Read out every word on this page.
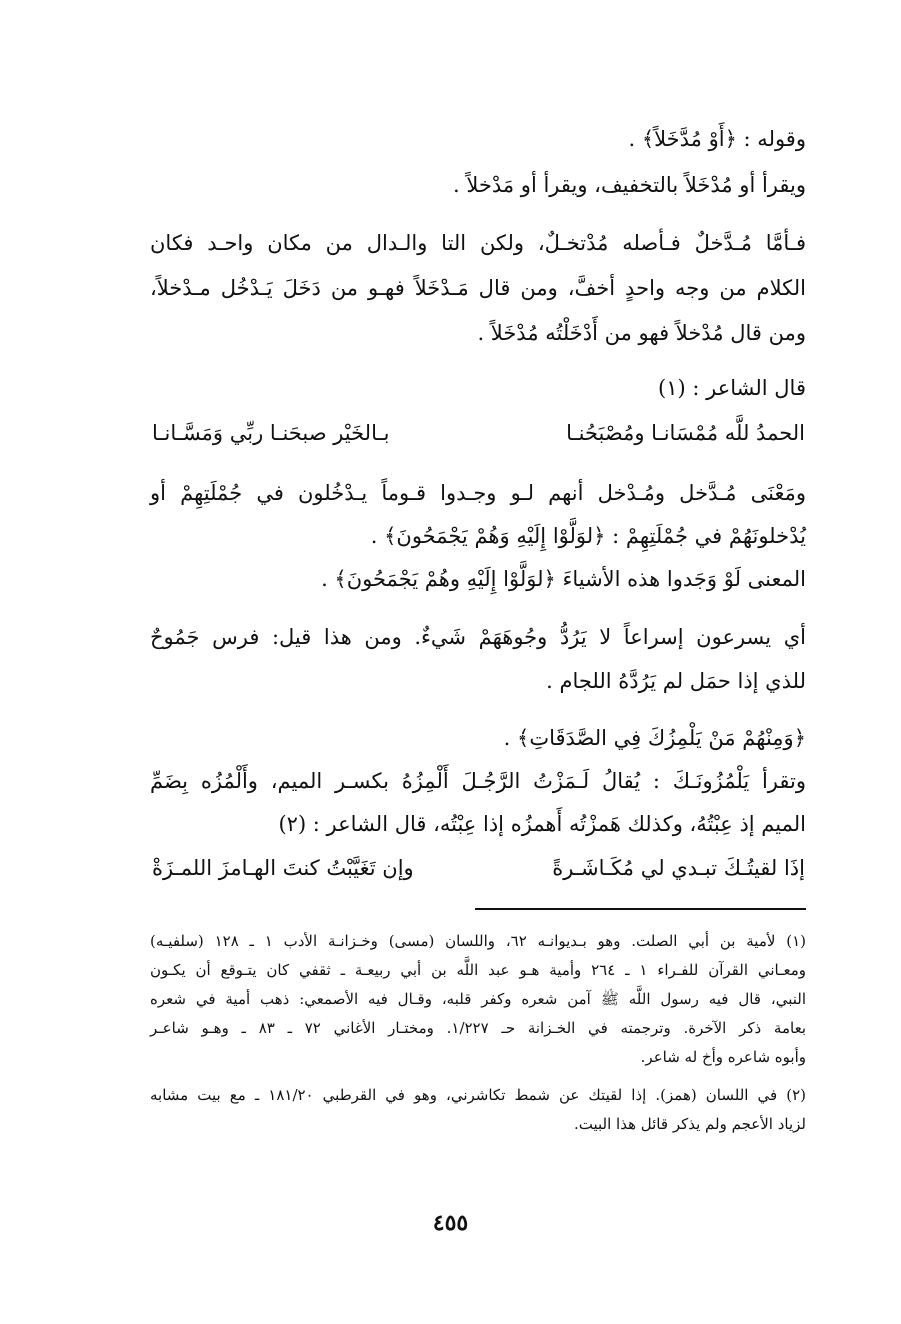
وقوله : ﴿أَوْ مُدَّخَلاً﴾ .
ويقرأ أو مُدْخَلاً بالتخفيف، ويقرأ أو مَدْخلاً .
فـأمَّا مُـدَّخلٌ فـأصله مُدْتخـلٌ، ولكن التا والـدال من مكان واحـد فكان
الكلام من وجه واحدٍ أخفَّ، ومن قال مَـدْخَلاً فهـو من دَخَلَ يَـدْخُل مـدْخلاً،
ومن قال مُدْخلاً فهو من أَدْخَلْتُه مُدْخَلاً .
قال الشاعر : (١)
الحمدُ للَّه مُمْسَانـا ومُصْبَحُنـا
بـالخَيْر صبحَنـا ربِّي وَمَسَّـانـا
ومَعْنَى مُـدَّخل ومُـدْخل أنهم لـو وجـدوا قـوماً يـدْخُلون في جُمْلَتِهِمْ أو
يُدْخلونَهُمْ في جُمْلَتِهِمْ : ﴿لوَلَّوْا إِلَيْهِ وَهُمْ يَجْمَحُونَ﴾ .
المعنى لَوْ وَجَدوا هذه الأشياءَ ﴿لوَلَّوْا إِلَيْهِ وهُمْ يَجْمَحُونَ﴾ .
أي يسرعون إسراعاً لا يَرُدُّ وجُوهَهَمْ شَيءٌ. ومن هذا قيل: فرس جَمُوحٌ
للذي إذا حمَل لم يَرُدَّهُ اللجام .
﴿وَمِنْهُمْ مَنْ يَلْمِزُكَ فِي الصَّدَقَاتِ﴾ .
وتقرأ يَلْمُزُونَـكَ : يُقالُ لَـمَزْتُ الرَّجُـلَ أَلْمِزُهُ بكسـر الميم، وأَلْمُزُه بِضَمِّ
الميم إذ عِبْتُهُ، وكذلك هَمزْتُه أَهمزُه إذا عِبْتُه، قال الشاعر : (٢)
إذَا لقيتُـكَ تبـدي لي مُكَـاشَـرةً
وإن تَغَيَّبْتُ كنتَ الهـامزَ اللمـزَةْ
(١) لأمية بن أبي الصلت. وهو بـديوانـه ٦٢، واللسان (مسى) وخـزانـة الأدب ١ ـ ١٢٨ (سلفيـه)
ومعـاني القرآن للفـراء ١ ـ ٢٦٤ وأمية هـو عبد اللَّه بن أبي ربيعـة ـ ثقفي كان يتـوقع أن يكـون
النبي، قال فيه رسول اللَّه ﷺ آمن شعره وكفر قلبه، وقـال فيه الأصمعي: ذهب أمية في شعره
بعامة ذكر الآخرة. وترجمته في الخـزانة حـ ١/٢٢٧. ومختـار الأغاني ٧٢ ـ ٨٣ ـ وهـو شاعـر
وأبوه شاعره وأخ له شاعر.
(٢) في اللسان (همز). إذا لقيتك عن شمط تكاشرني، وهو في القرطبي ١٨١/٢٠ ـ مع بيت مشابه
لزياد الأعجم ولم يذكر قائل هذا البيت.
٤٥٥
